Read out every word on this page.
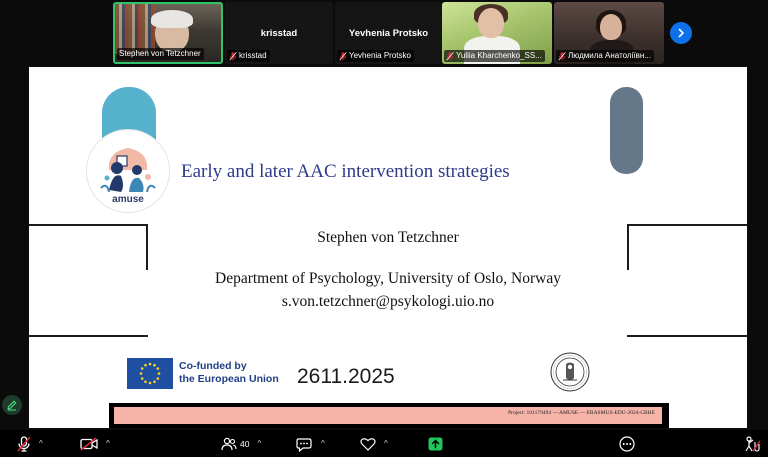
Stephen von Tetzchner
krisstad
krisstad
Yevhenia Protsko
Yevhenia Protsko	Yuliia Kharchenko_SS...	Людмила Анатоліївн...
amuse
Early and later AAC intervention strategies
Stephen von Tetzchner
Department of Psychology, University of Oslo, Norway
s.von.tetzchner@psykologi.uio.no
Co-funded by
the European Union 2611.2025
Project: 101179494 — AMUSE — ERASMUS-EDU-2024-CBHE
^	^	40 ^	^	^
